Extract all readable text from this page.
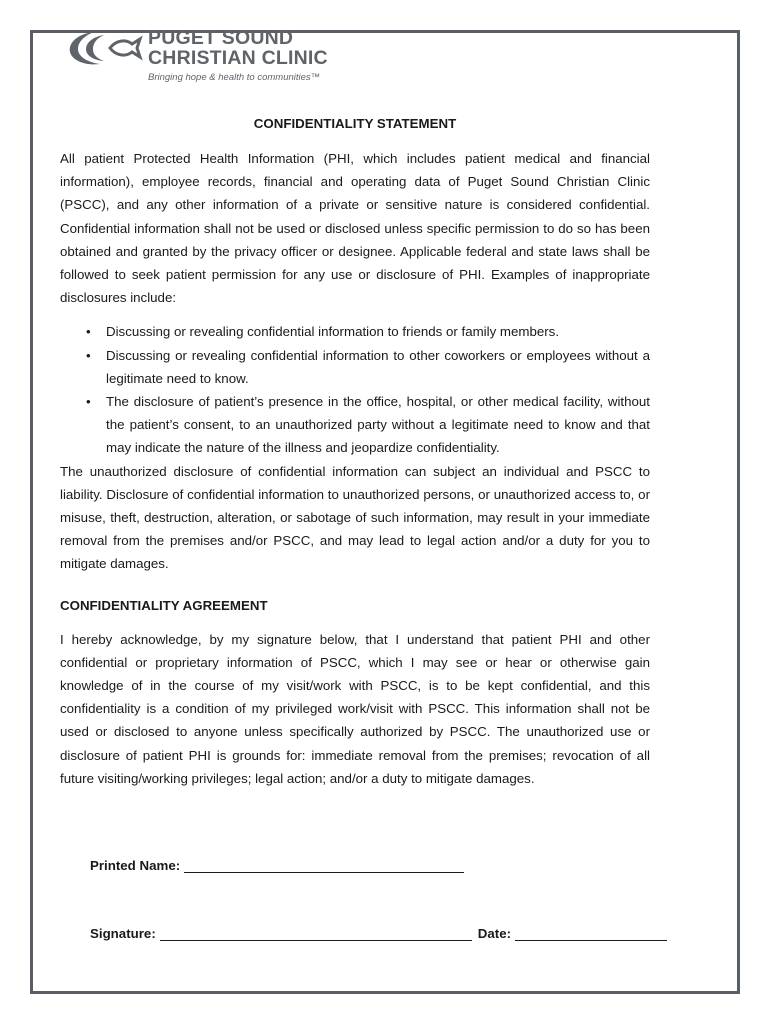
PUGET SOUND
CHRISTIAN CLINIC
Bringing hope & health to communities™
CONFIDENTIALITY STATEMENT

All patient Protected Health Information (PHI, which includes patient medical and financial information), employee records, financial and operating data of Puget Sound Christian Clinic (PSCC), and any other information of a private or sensitive nature is considered confidential. Confidential information shall not be used or disclosed unless specific permission to do so has been obtained and granted by the privacy officer or designee. Applicable federal and state laws shall be followed to seek patient permission for any use or disclosure of PHI. Examples of inappropriate disclosures include:

•	Discussing or revealing confidential information to friends or family members.
•	Discussing or revealing confidential information to other coworkers or employees without a legitimate need to know.
•	The disclosure of patient’s presence in the office, hospital, or other medical facility, without the patient’s consent, to an unauthorized party without a legitimate need to know and that may indicate the nature of the illness and jeopardize confidentiality.

The unauthorized disclosure of confidential information can subject an individual and PSCC to liability. Disclosure of confidential information to unauthorized persons, or unauthorized access to, or misuse, theft, destruction, alteration, or sabotage of such information, may result in your immediate removal from the premises and/or PSCC, and may lead to legal action and/or a duty for you to mitigate damages.

CONFIDENTIALITY AGREEMENT

I hereby acknowledge, by my signature below, that I understand that patient PHI and other confidential or proprietary information of PSCC, which I may see or hear or otherwise gain knowledge of in the course of my visit/work with PSCC, is to be kept confidential, and this confidentiality is a condition of my privileged work/visit with PSCC. This information shall not be used or disclosed to anyone unless specifically authorized by PSCC. The unauthorized use or disclosure of patient PHI is grounds for: immediate removal from the premises; revocation of all future visiting/working privileges; legal action; and/or a duty to mitigate damages.

Printed Name:
Signature:	Date:
